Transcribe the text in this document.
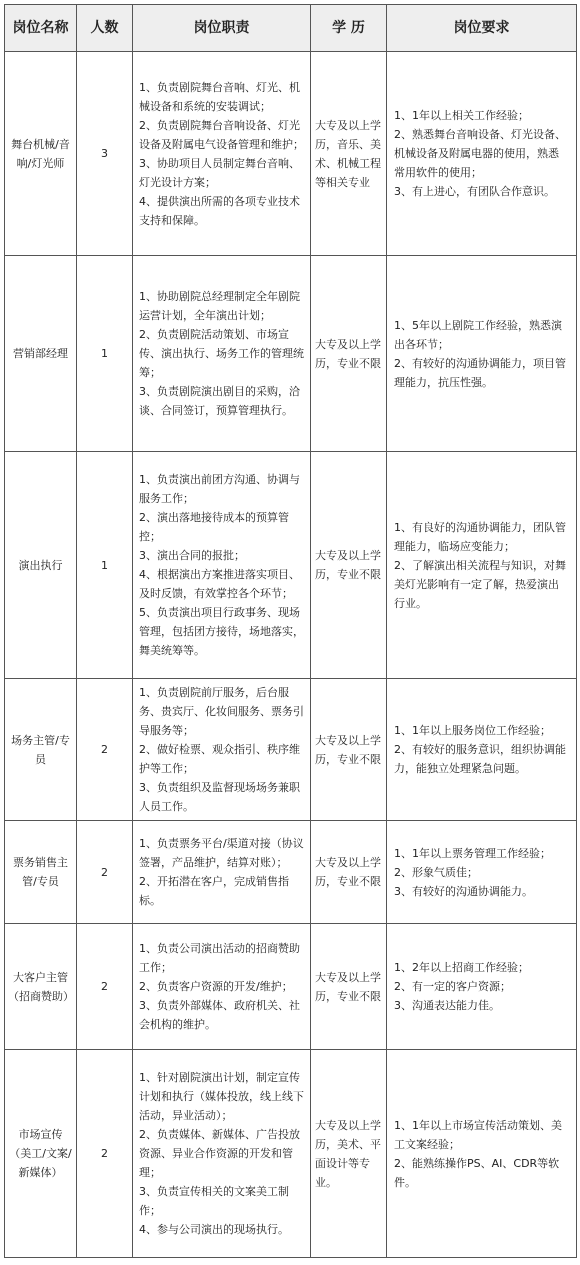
岗位名称	人数	岗位职责	学 历	岗位要求
舞台机械/音响/灯光师	3	1、负责剧院舞台音响、灯光、机械设备和系统的安装调试；
2、负责剧院舞台音响设备、灯光设备及附属电气设备管理和维护；
3、协助项目人员制定舞台音响、灯光设计方案；
4、提供演出所需的各项专业技术支持和保障。	大专及以上学历，音乐、美术、机械工程等相关专业	1、1年以上相关工作经验；
2、熟悉舞台音响设备、灯光设备、机械设备及附属电器的使用，熟悉常用软件的使用；
3、有上进心，有团队合作意识。

营销部经理	1	1、协助剧院总经理制定全年剧院运营计划，全年演出计划；
2、负责剧院活动策划、市场宣传、演出执行、场务工作的管理统筹；
3、负责剧院演出剧目的采购，洽谈、合同签订，预算管理执行。	大专及以上学历，专业不限	1、5年以上剧院工作经验，熟悉演出各环节；
2、有较好的沟通协调能力，项目管理能力，抗压性强。

演出执行	1	1、负责演出前团方沟通、协调与服务工作；
2、演出落地接待成本的预算管控；
3、演出合同的报批；
4、根据演出方案推进落实项目、及时反馈，有效掌控各个环节；
5、负责演出项目行政事务、现场管理，包括团方接待，场地落实，舞美统筹等。	大专及以上学历，专业不限	1、有良好的沟通协调能力，团队管理能力，临场应变能力；
2、了解演出相关流程与知识，对舞美灯光影响有一定了解，热爱演出行业。

场务主管/专员	2	1、负责剧院前厅服务，后台服务、贵宾厅、化妆间服务、票务引导服务等；
2、做好检票、观众指引、秩序维护等工作；
3、负责组织及监督现场场务兼职人员工作。	大专及以上学历，专业不限	1、1年以上服务岗位工作经验；
2、有较好的服务意识，组织协调能力，能独立处理紧急问题。

票务销售主管/专员	2	1、负责票务平台/渠道对接（协议签署，产品维护，结算对账）；
2、开拓潜在客户，完成销售指标。	大专及以上学历，专业不限	1、1年以上票务管理工作经验；
2、形象气质佳；
3、有较好的沟通协调能力。

大客户主管（招商赞助）	2	1、负责公司演出活动的招商赞助工作；
2、负责客户资源的开发/维护；
3、负责外部媒体、政府机关、社会机构的维护。	大专及以上学历，专业不限	1、2年以上招商工作经验；
2、有一定的客户资源；
3、沟通表达能力佳。

市场宣传（美工/文案/新媒体）	2	1、针对剧院演出计划，制定宣传计划和执行（媒体投放，线上线下活动，异业活动）；
2、负责媒体、新媒体、广告投放资源、异业合作资源的开发和管理；
3、负责宣传相关的文案美工制作；
4、参与公司演出的现场执行。	大专及以上学历，美术、平面设计等专业。	1、1年以上市场宣传活动策划、美工文案经验；
2、能熟练操作PS、AI、CDR等软件。
